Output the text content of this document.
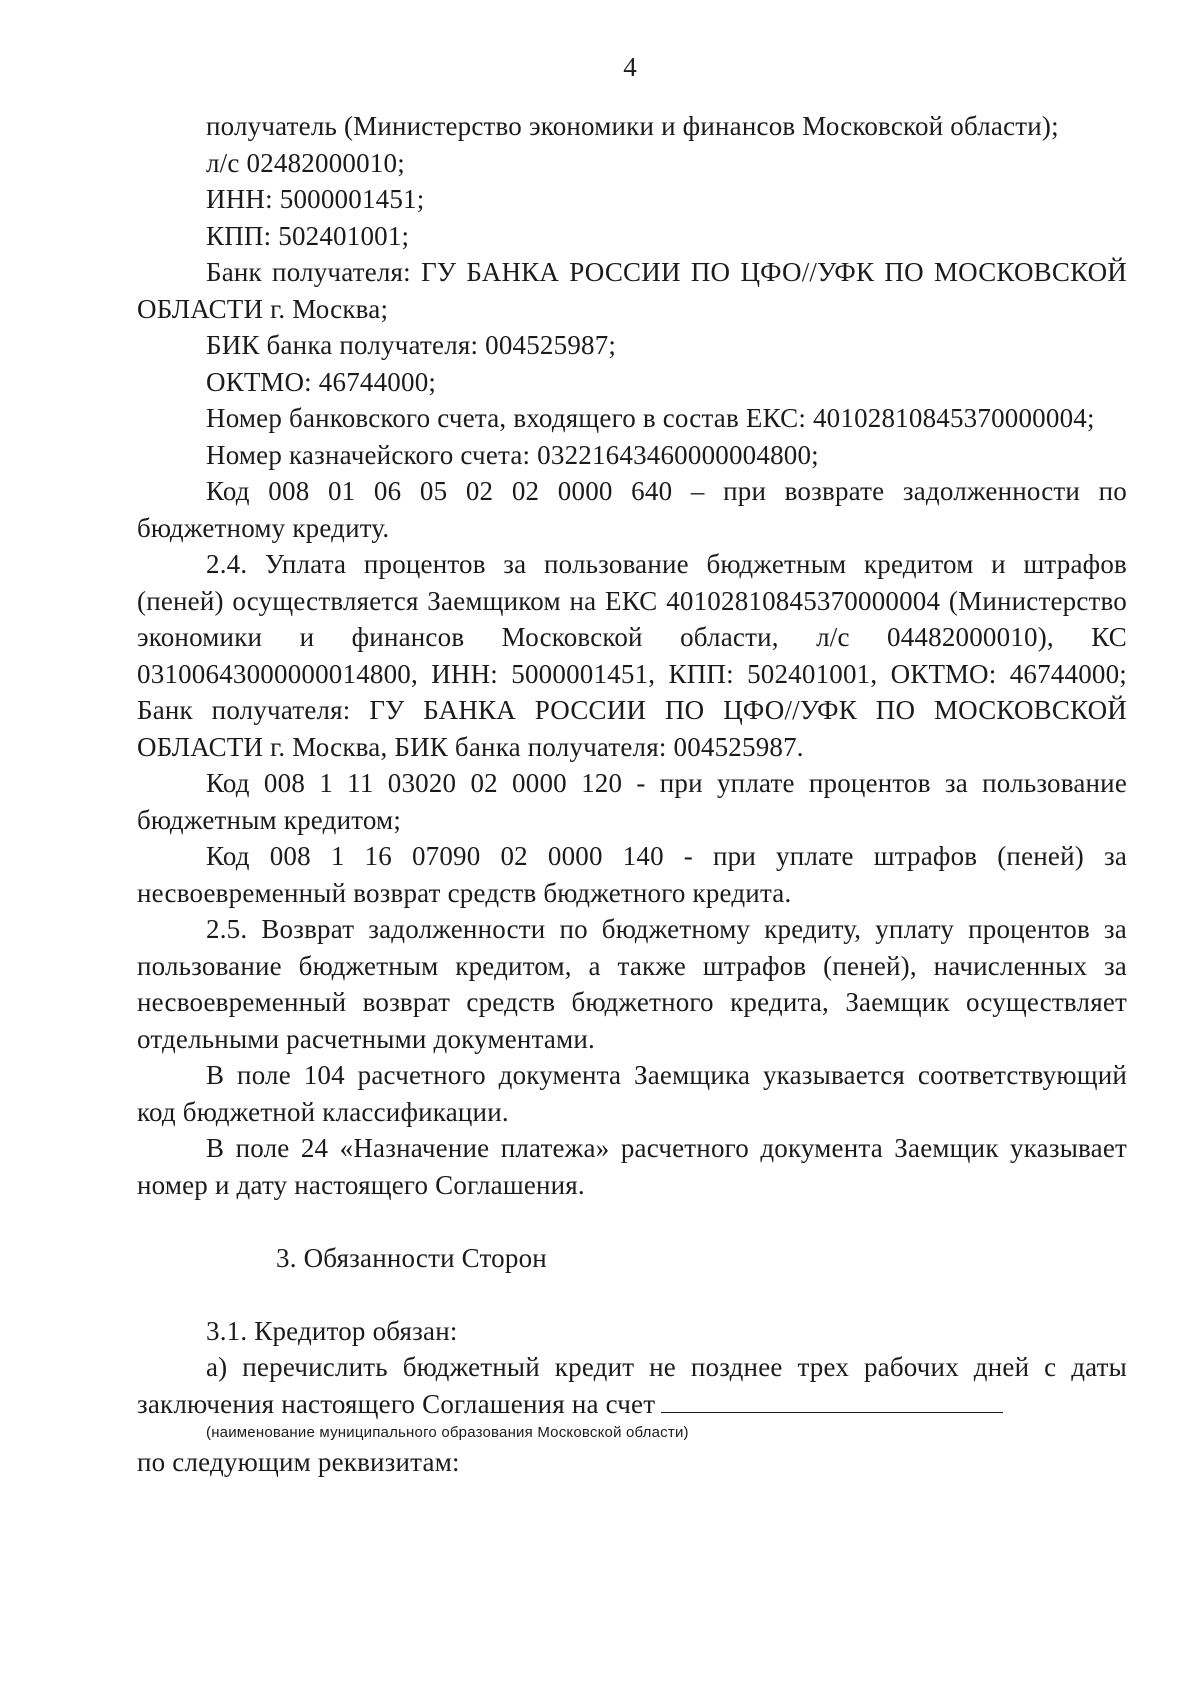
4

получатель (Министерство экономики и финансов Московской области);

л/с 02482000010;

ИНН: 5000001451;

КПП: 502401001;

Банк получателя: ГУ БАНКА РОССИИ ПО ЦФО//УФК ПО МОСКОВСКОЙ ОБЛАСТИ г. Москва;

БИК банка получателя: 004525987;

ОКТМО: 46744000;

Номер банковского счета, входящего в состав ЕКС: 40102810845370000004;

Номер казначейского счета: 03221643460000004800;

Код 008 01 06 05 02 02 0000 640 – при возврате задолженности по бюджетному кредиту.

2.4. Уплата процентов за пользование бюджетным кредитом и штрафов (пеней) осуществляется Заемщиком на ЕКС 40102810845370000004 (Министерство экономики и финансов Московской области, л/с 04482000010), КС 03100643000000014800, ИНН: 5000001451, КПП: 502401001, ОКТМО: 46744000; Банк получателя: ГУ БАНКА РОССИИ ПО ЦФО//УФК ПО МОСКОВСКОЙ ОБЛАСТИ г. Москва, БИК банка получателя: 004525987.

Код 008 1 11 03020 02 0000 120 - при уплате процентов за пользование бюджетным кредитом;

Код 008 1 16 07090 02 0000 140 - при уплате штрафов (пеней) за несвоевременный возврат средств бюджетного кредита.

2.5. Возврат задолженности по бюджетному кредиту, уплату процентов за пользование бюджетным кредитом, а также штрафов (пеней), начисленных за несвоевременный возврат средств бюджетного кредита, Заемщик осуществляет отдельными расчетными документами.

В поле 104 расчетного документа Заемщика указывается соответствующий код бюджетной классификации.

В поле 24 «Назначение платежа» расчетного документа Заемщик указывает номер и дату настоящего Соглашения.

3. Обязанности Сторон

3.1. Кредитор обязан:

а) перечислить бюджетный кредит не позднее трех рабочих дней с даты заключения настоящего Соглашения на счет

(наименование муниципального образования Московской области)

по следующим реквизитам:
